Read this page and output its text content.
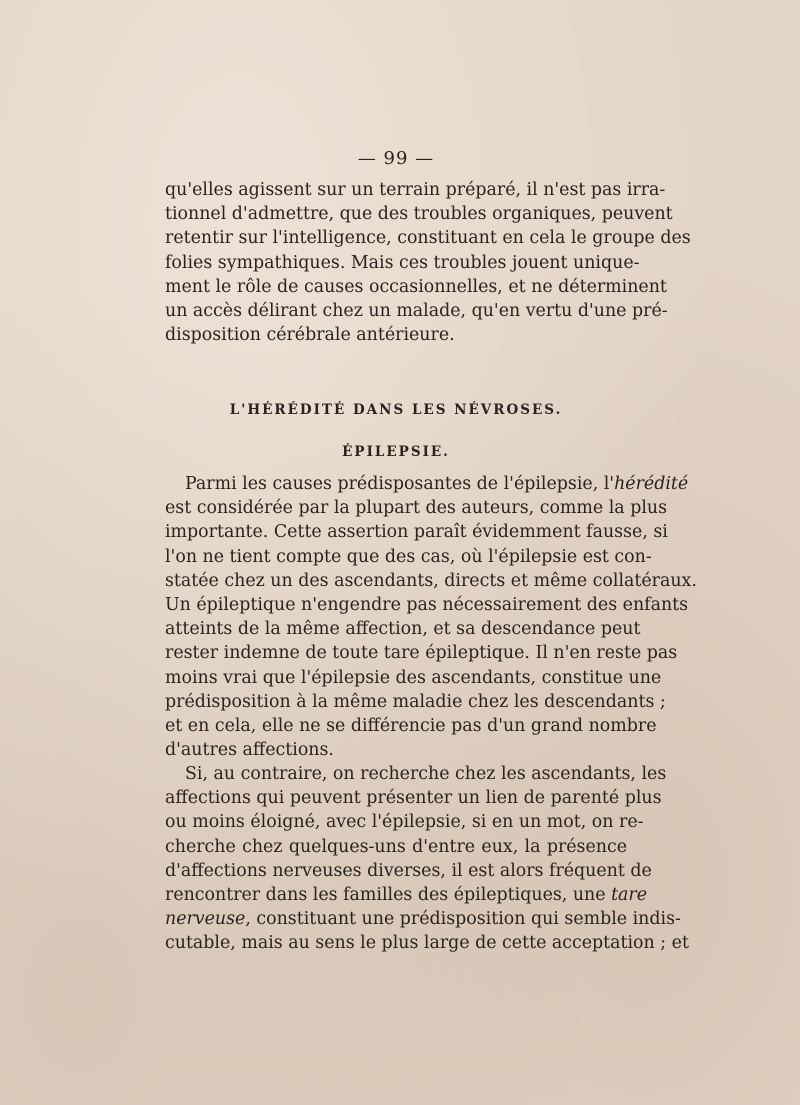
— 99 —
qu'elles agissent sur un terrain préparé, il n'est pas irra-
tionnel d'admettre, que des troubles organiques, peuvent
retentir sur l'intelligence, constituant en cela le groupe des
folies sympathiques. Mais ces troubles jouent unique-
ment le rôle de causes occasionnelles, et ne déterminent
un accès délirant chez un malade, qu'en vertu d'une pré-
disposition cérébrale antérieure.
L'HÉRÉDITÉ DANS LES NÉVROSES.
ÉPILEPSIE.
Parmi les causes prédisposantes de l'épilepsie, l'hérédité
est considérée par la plupart des auteurs, comme la plus
importante. Cette assertion paraît évidemment fausse, si
l'on ne tient compte que des cas, où l'épilepsie est con-
statée chez un des ascendants, directs et même collatéraux.
Un épileptique n'engendre pas nécessairement des enfants
atteints de la même affection, et sa descendance peut
rester indemne de toute tare épileptique. Il n'en reste pas
moins vrai que l'épilepsie des ascendants, constitue une
prédisposition à la même maladie chez les descendants ;
et en cela, elle ne se différencie pas d'un grand nombre
d'autres affections.
Si, au contraire, on recherche chez les ascendants, les
affections qui peuvent présenter un lien de parenté plus
ou moins éloigné, avec l'épilepsie, si en un mot, on re-
cherche chez quelques-uns d'entre eux, la présence
d'affections nerveuses diverses, il est alors fréquent de
rencontrer dans les familles des épileptiques, une tare
nerveuse, constituant une prédisposition qui semble indis-
cutable, mais au sens le plus large de cette acceptation ; et
